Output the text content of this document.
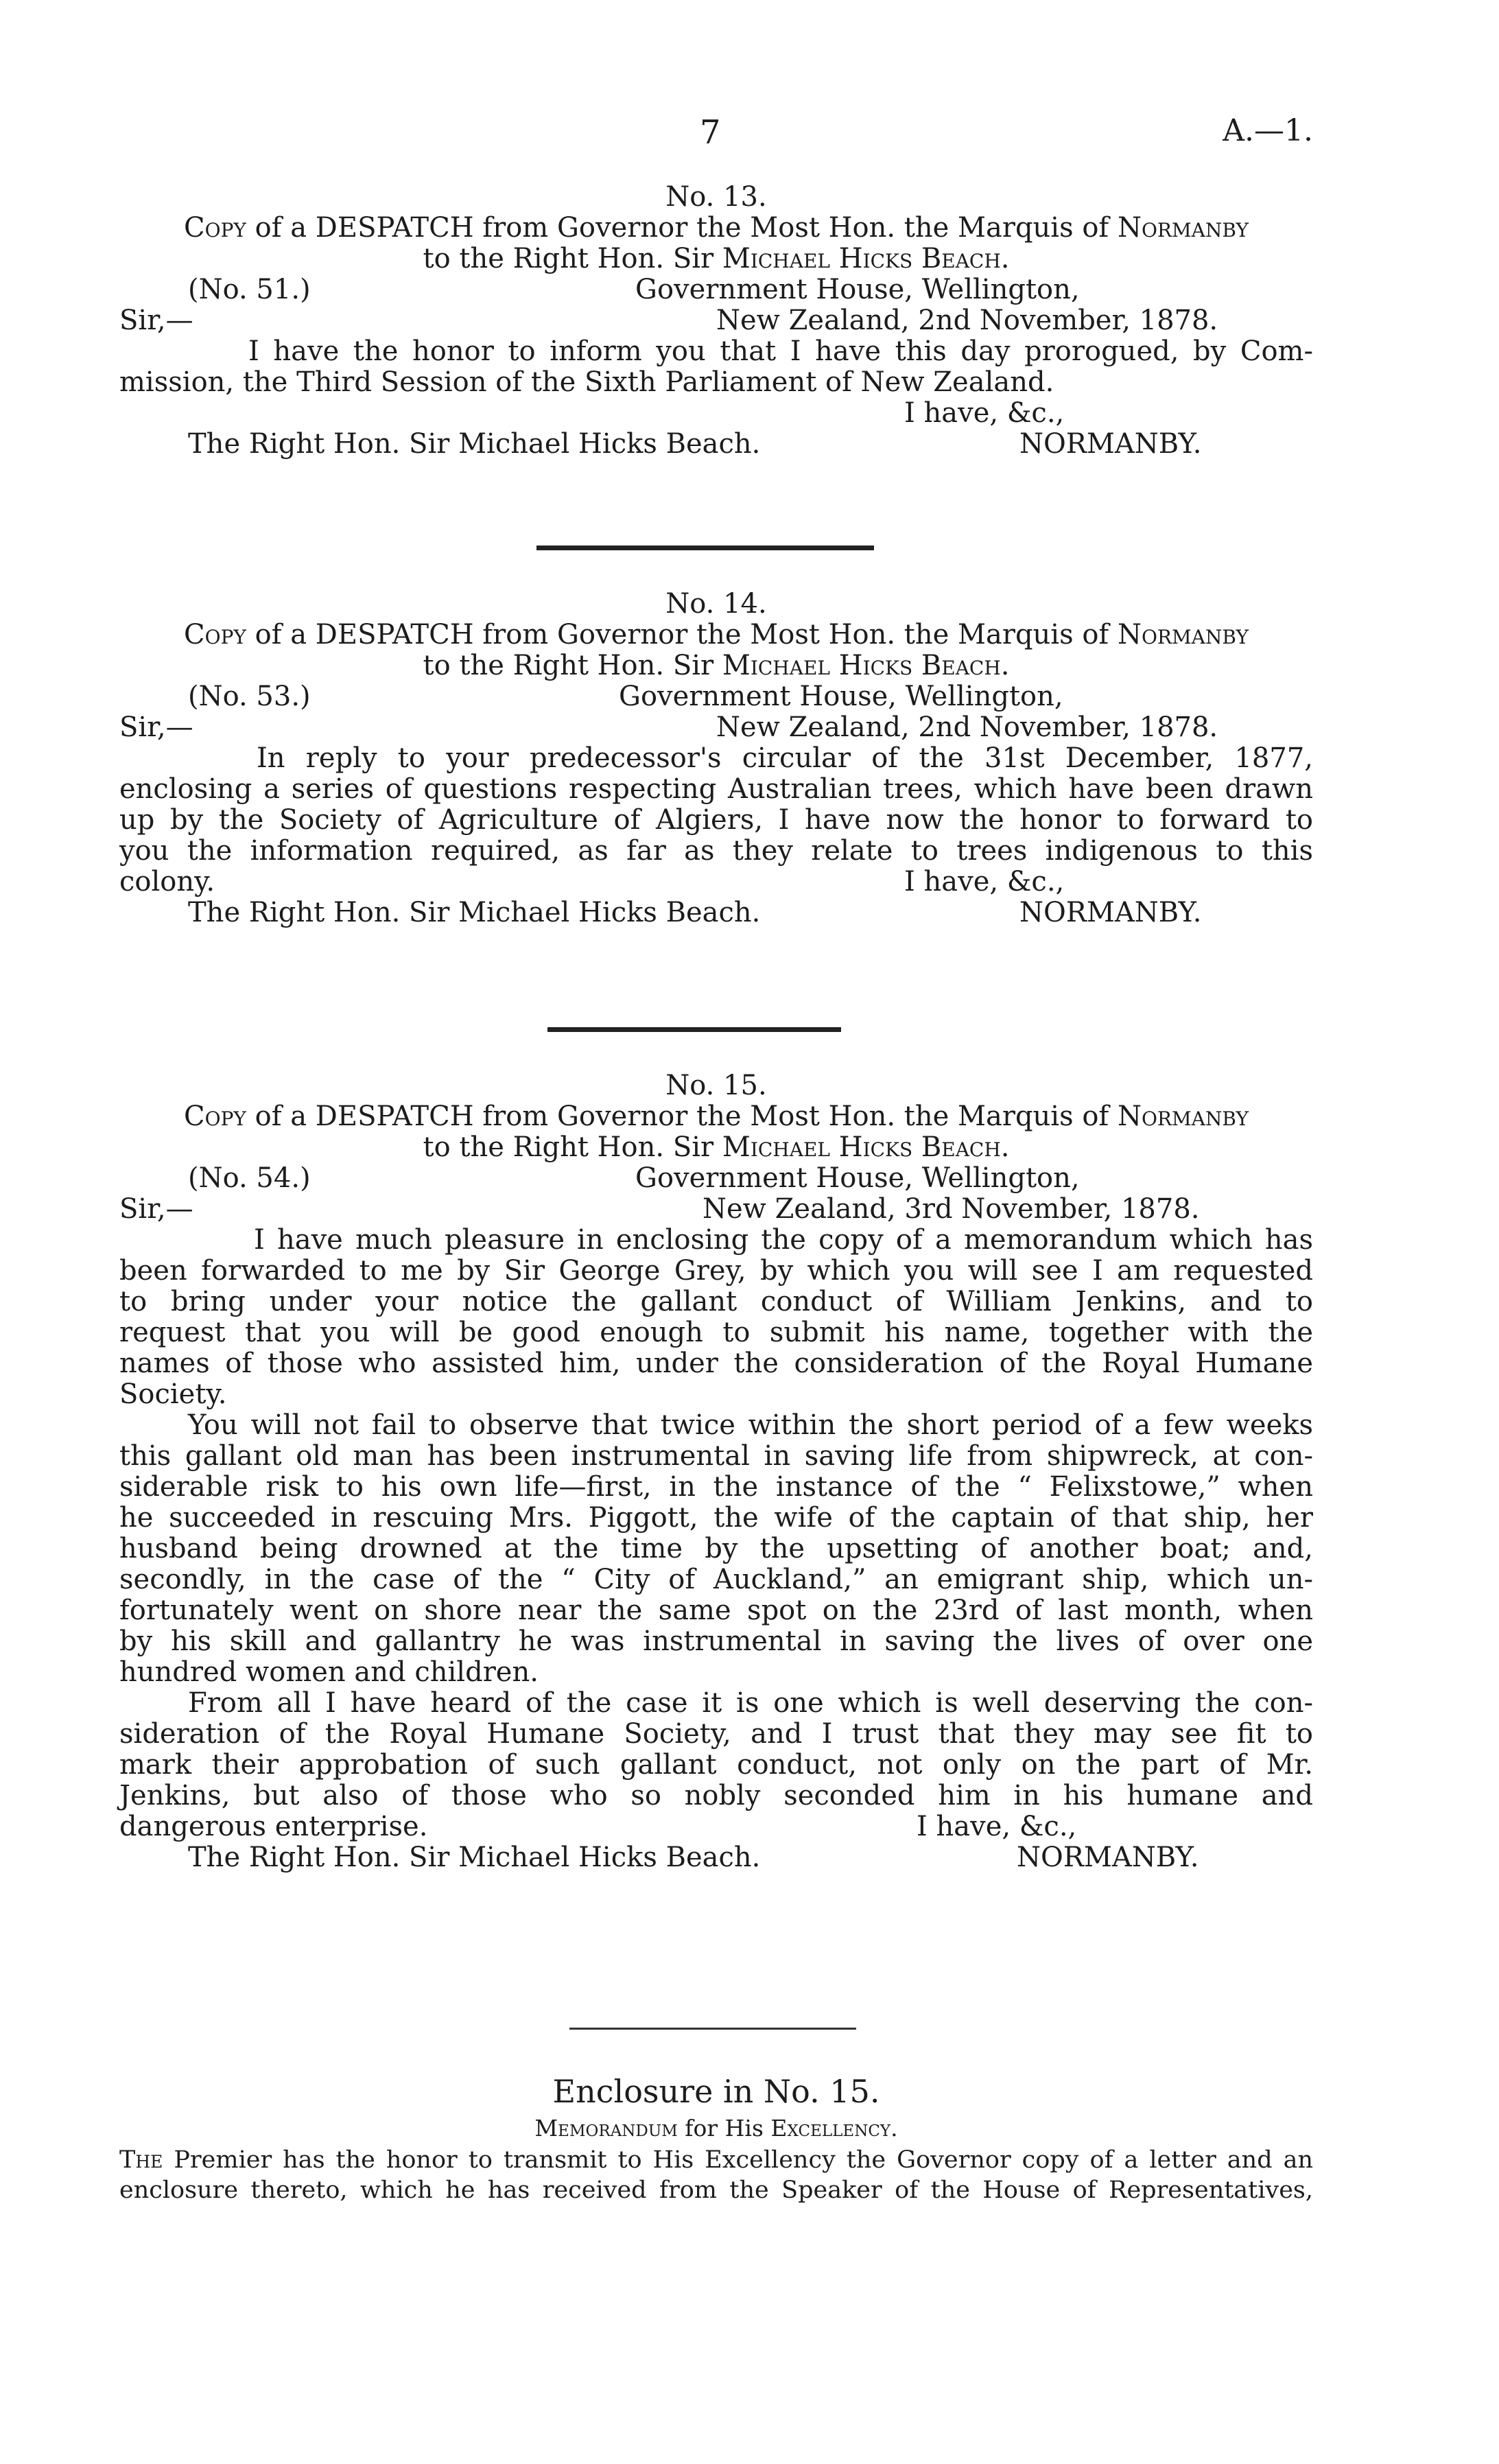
7	A.—1.
No. 13.
Copy of a DESPATCH from Governor the Most Hon. the Marquis of Normanby
to the Right Hon. Sir Michael Hicks Beach.
(No. 51.)	Government House, Wellington,
Sir,—	New Zealand, 2nd November, 1878.
I have the honor to inform you that I have this day prorogued, by Com-
mission, the Third Session of the Sixth Parliament of New Zealand.
I have, &c.,
The Right Hon. Sir Michael Hicks Beach.	NORMANBY.
No. 14.
Copy of a DESPATCH from Governor the Most Hon. the Marquis of Normanby
to the Right Hon. Sir Michael Hicks Beach.
(No. 53.)	Government House, Wellington,
Sir,—	New Zealand, 2nd November, 1878.
In reply to your predecessor's circular of the 31st December, 1877,
enclosing a series of questions respecting Australian trees, which have been drawn
up by the Society of Agriculture of Algiers, I have now the honor to forward to
you the information required, as far as they relate to trees indigenous to this
colony.	I have, &c.,
The Right Hon. Sir Michael Hicks Beach.	NORMANBY.
No. 15.
Copy of a DESPATCH from Governor the Most Hon. the Marquis of Normanby
to the Right Hon. Sir Michael Hicks Beach.
(No. 54.)	Government House, Wellington,
Sir,—	New Zealand, 3rd November, 1878.
I have much pleasure in enclosing the copy of a memorandum which has
been forwarded to me by Sir George Grey, by which you will see I am requested
to bring under your notice the gallant conduct of William Jenkins, and to
request that you will be good enough to submit his name, together with the
names of those who assisted him, under the consideration of the Royal Humane
Society.
You will not fail to observe that twice within the short period of a few weeks
this gallant old man has been instrumental in saving life from shipwreck, at con-
siderable risk to his own life—first, in the instance of the “ Felixstowe,” when
he succeeded in rescuing Mrs. Piggott, the wife of the captain of that ship, her
husband being drowned at the time by the upsetting of another boat; and,
secondly, in the case of the “ City of Auckland,” an emigrant ship, which un-
fortunately went on shore near the same spot on the 23rd of last month, when
by his skill and gallantry he was instrumental in saving the lives of over one
hundred women and children.
From all I have heard of the case it is one which is well deserving the con-
sideration of the Royal Humane Society, and I trust that they may see fit to
mark their approbation of such gallant conduct, not only on the part of Mr.
Jenkins, but also of those who so nobly seconded him in his humane and
dangerous enterprise.	I have, &c.,
The Right Hon. Sir Michael Hicks Beach.	NORMANBY.
Enclosure in No. 15.
Memorandum for His Excellency.
The Premier has the honor to transmit to His Excellency the Governor copy of a letter and an
enclosure thereto, which he has received from the Speaker of the House of Representatives,
